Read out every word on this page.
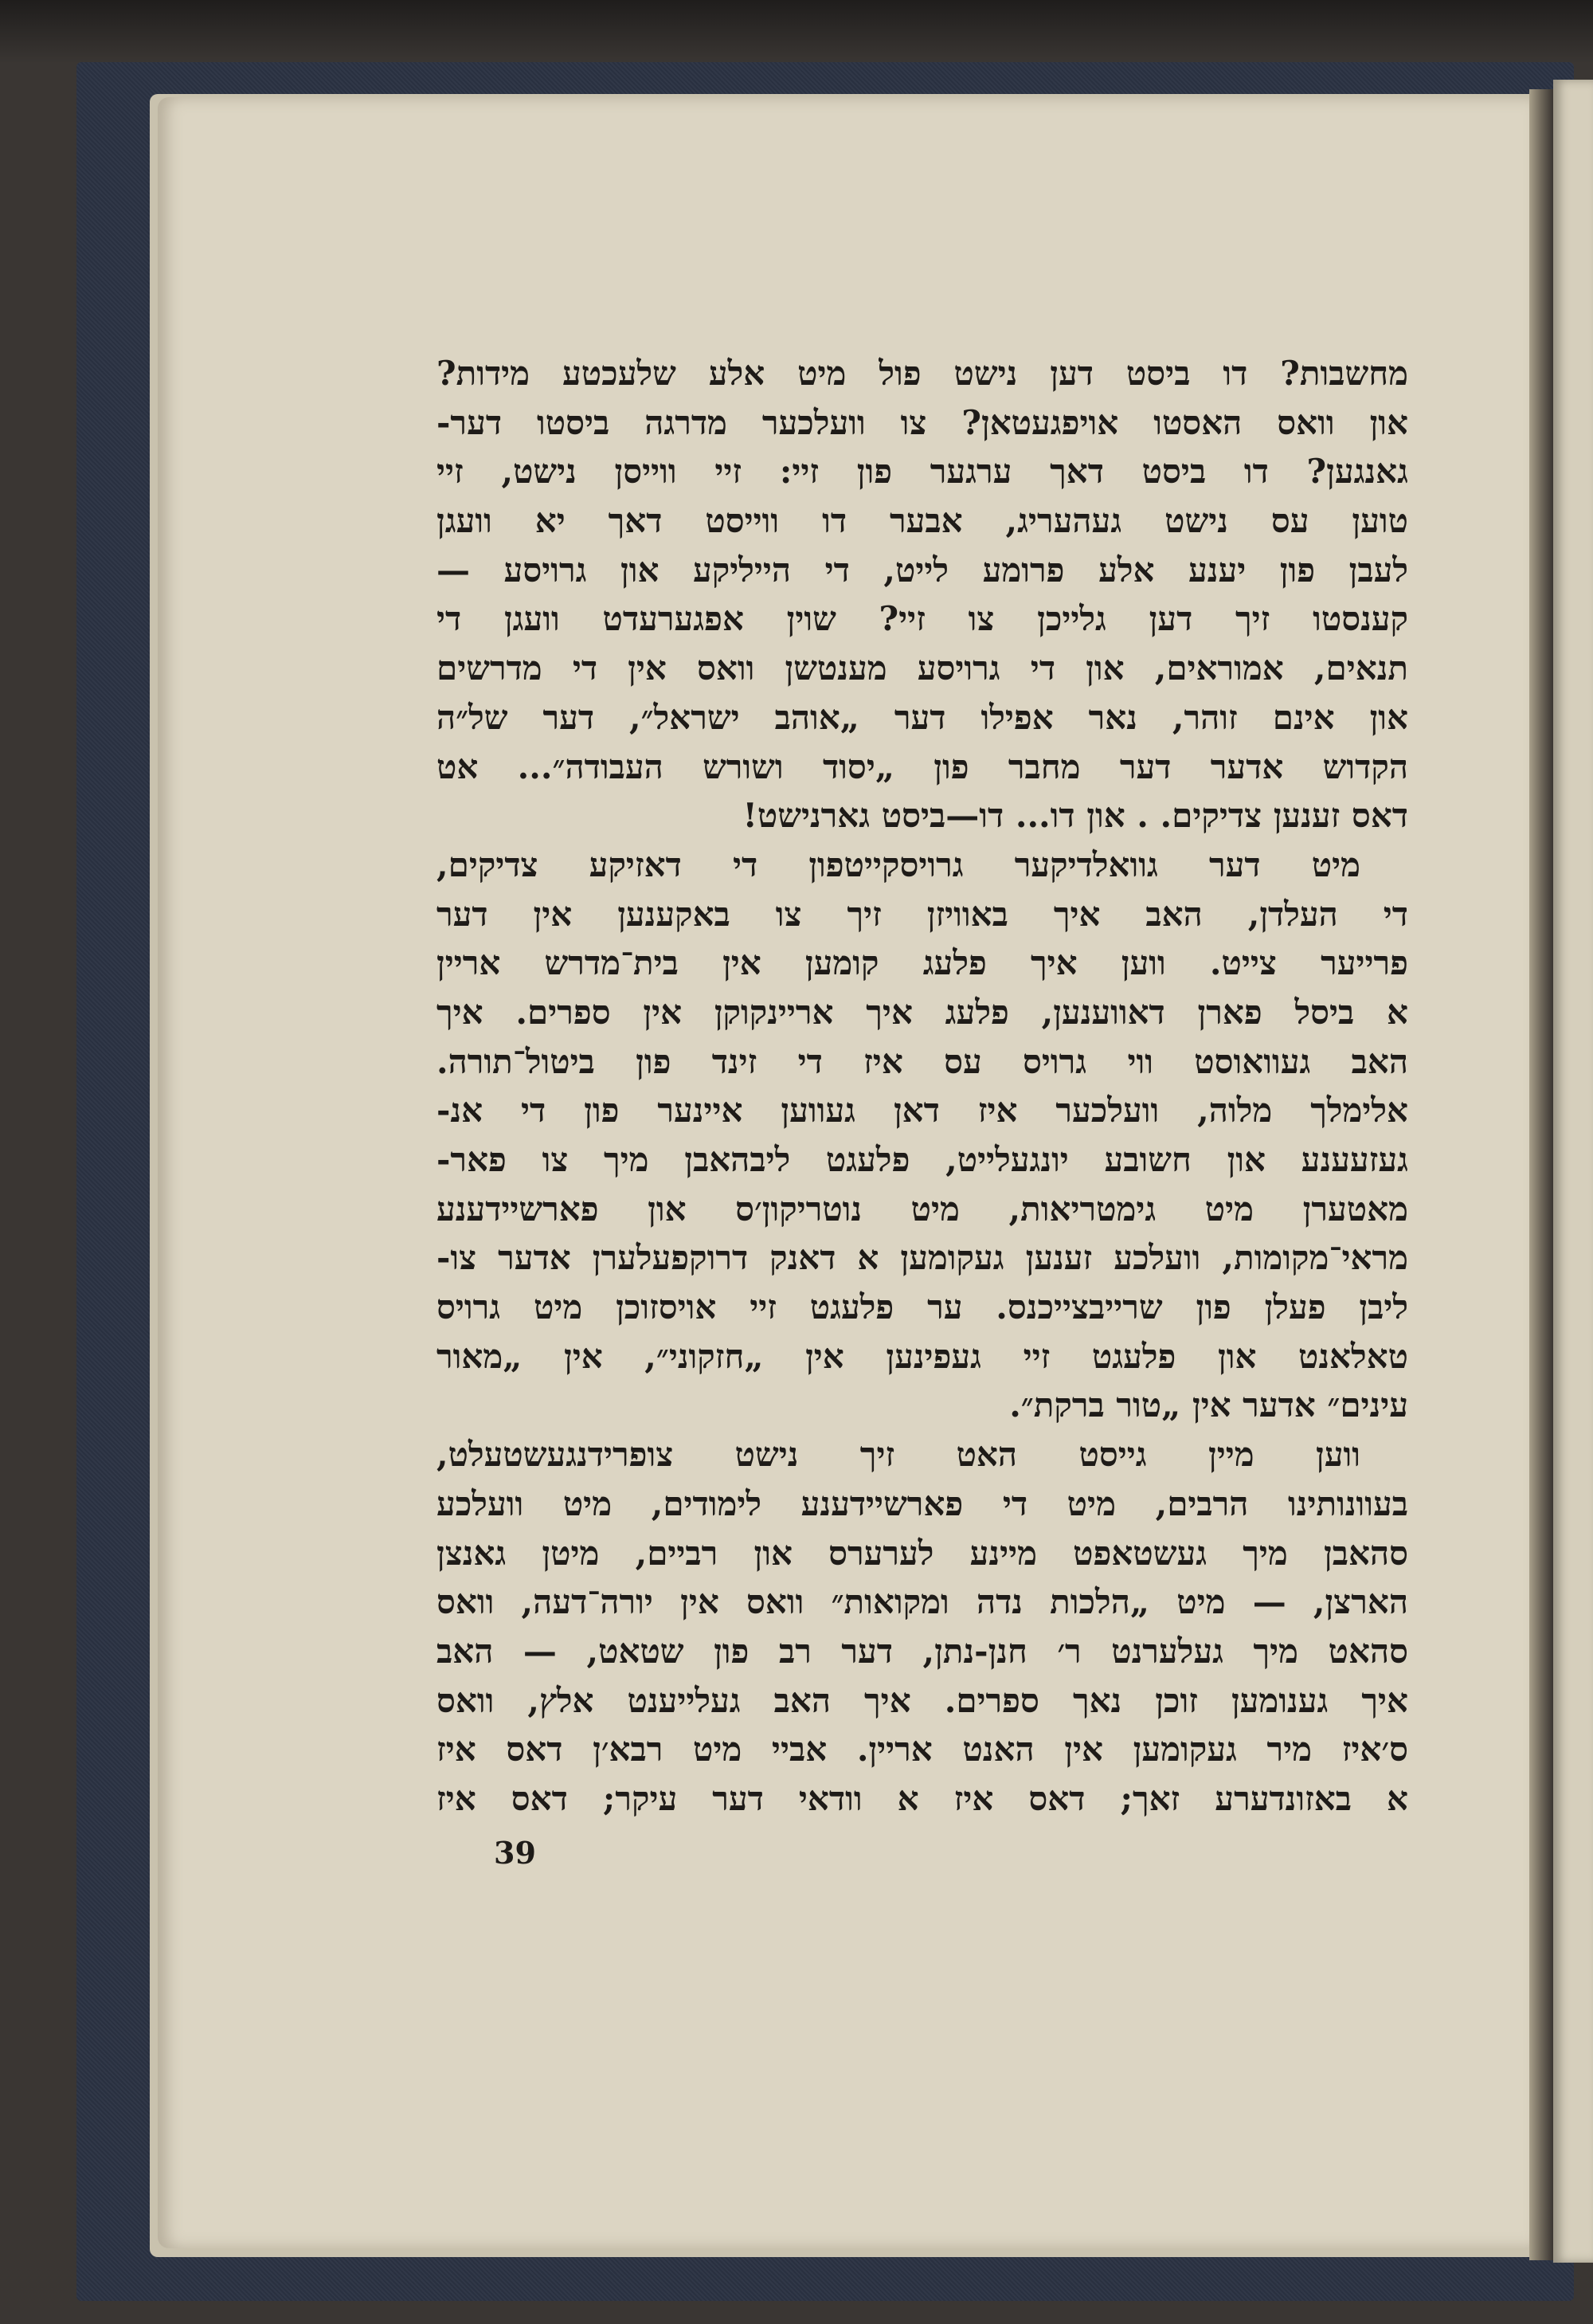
מחשבות? דו ביסט דען נישט פול מיט אלע שלעכטע מידות?
און וואס האסטו אויפגעטאן? צו וועלכער מדרגה ביסטו דער-
גאנגען? דו ביסט דאך ערגער פון זיי: זיי ווייסן נישט, זיי
טוען עס נישט געהעריג, אבער דו ווייסט דאך יא וועגן
לעבן פון יענע אלע פרומע לייט, די הייליקע און גרויסע —
קענסטו זיך דען גלייכן צו זיי? שוין אפגערעדט וועגן די
תנאים, אמוראים, און די גרויסע מענטשן וואס אין די מדרשים
און אינם זוהר, נאר אפילו דער „אוהב ישראל״, דער של״ה
הקדוש אדער דער מחבר פון „יסוד ושורש העבודה״... אט
דאס זענען צדיקים. . און דו... דו—ביסט גארנישט!
מיט דער גוואלדיקער גרויסקייטפון די דאזיקע צדיקים,
די העלדן, האב איך באוויזן זיך צו באקענען אין דער
פרייער צייט. ווען איך פלעג קומען אין בית־מדרש אריין
א ביסל פארן דאווענען, פלעג איך אריינקוקן אין ספרים. איך
האב געוואוסט ווי גרויס עס איז די זינד פון ביטול־תורה.
אלימלך מלוה, וועלכער איז דאן געווען איינער פון די אנ-
געזעענע און חשובע יונגעלייט, פלעגט ליבהאבן מיך צו פאר-
מאטערן מיט גימטריאות, מיט נוטריקון׳ס און פארשיידענע
מראי־מקומות, וועלכע זענען געקומען א דאנק דרוקפעלערן אדער צו-
ליבן פעלן פון שרייבצייכנס. ער פלעגט זיי אויסזוכן מיט גרויס
טאלאנט און פלעגט זיי געפינען אין „חזקוני״, אין „מאור
עינים״ אדער אין „טור ברקת״.
ווען מיין גייסט האט זיך נישט צופרידנגעשטעלט,
בעוונותינו הרבים, מיט די פארשיידענע לימודים, מיט וועלכע
סהאבן מיך געשטאפט מיינע לערערס און רביים, מיטן גאנצן
הארצן, — מיט „הלכות נדה ומקואות״ וואס אין יורה־דעה, וואס
סהאט מיך געלערנט ר׳ חנן-נתן, דער רב פון שטאט, — האב
איך גענומען זוכן נאך ספרים. איך האב געלייענט אלץ, וואס
ס׳איז מיר געקומען אין האנט אריין. אביי מיט רבא׳ן דאס איז
א באזונדערע זאך; דאס איז א וודאי דער עיקר; דאס איז
39
